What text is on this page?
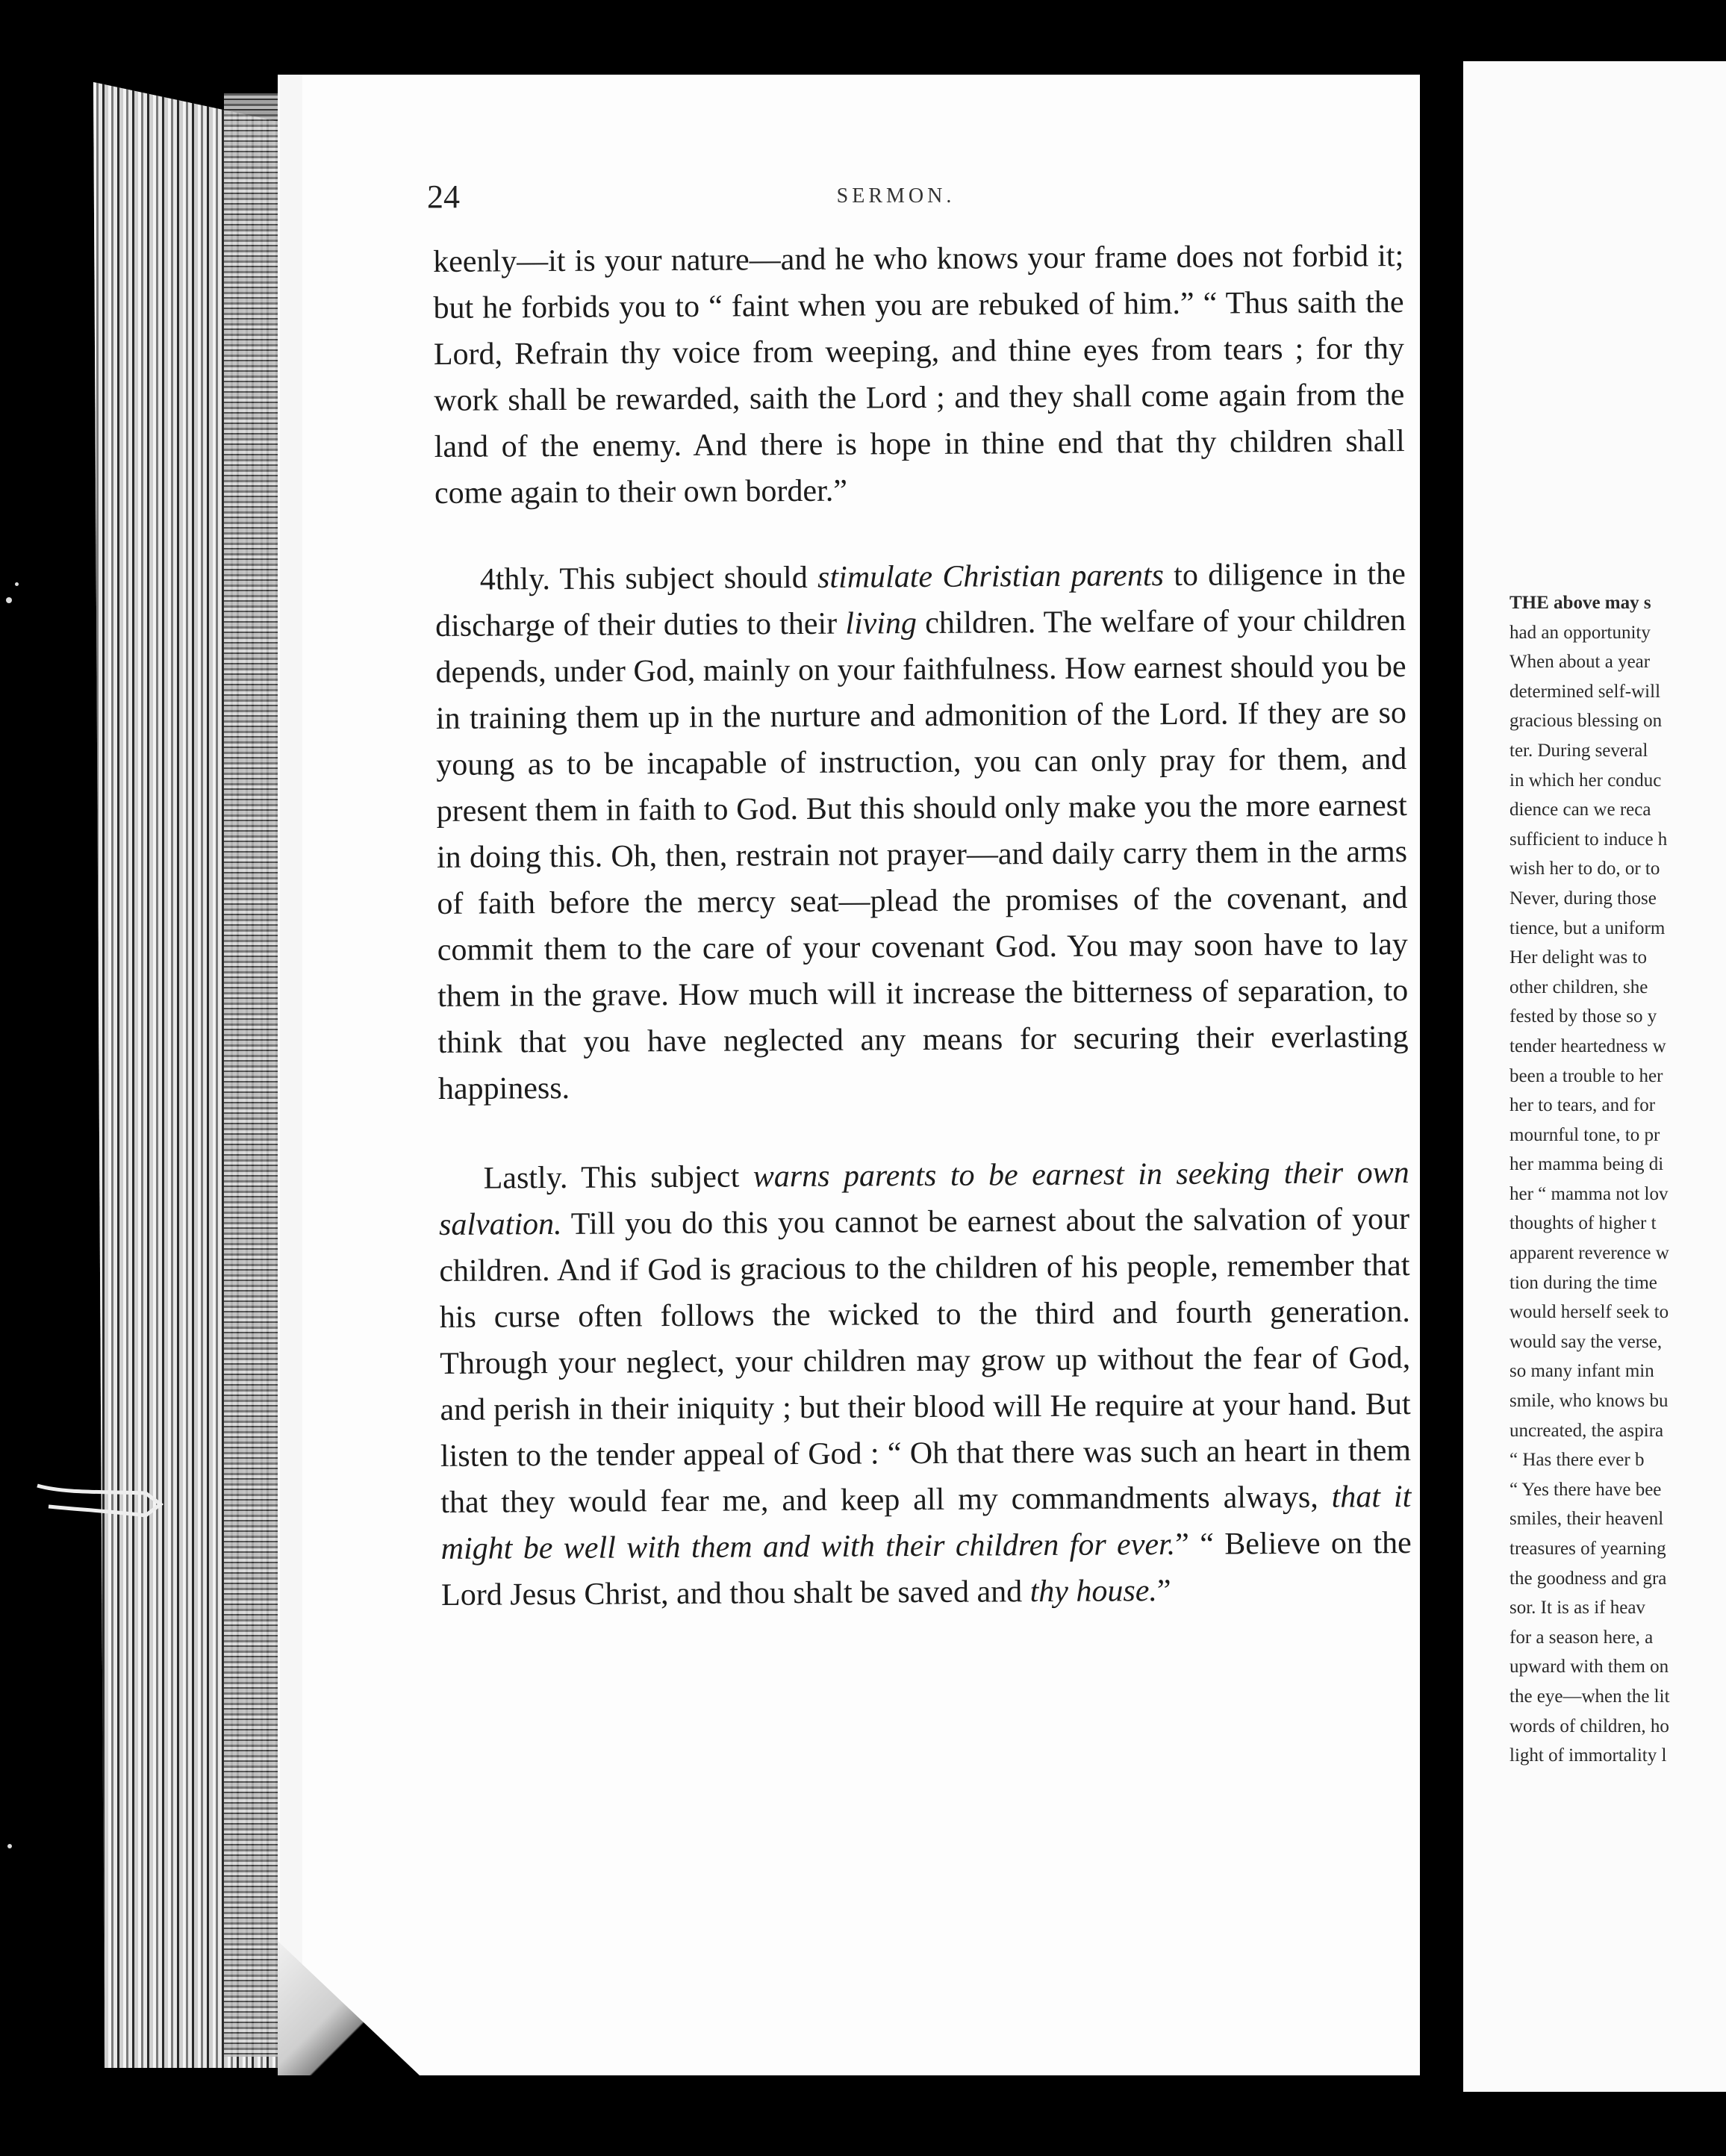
24	SERMON.

keenly—it is your nature—and he who knows your frame does not forbid it; but he forbids you to “ faint when you are rebuked of him.” “ Thus saith the Lord, Refrain thy voice from weeping, and thine eyes from tears ; for thy work shall be rewarded, saith the Lord ; and they shall come again from the land of the enemy. And there is hope in thine end that thy children shall come again to their own border.”

4thly. This subject should stimulate Christian parents to diligence in the discharge of their duties to their living children. The welfare of your children depends, under God, mainly on your faithfulness. How earnest should you be in training them up in the nurture and admonition of the Lord. If they are so young as to be incapable of instruction, you can only pray for them, and present them in faith to God. But this should only make you the more earnest in doing this. Oh, then, restrain not prayer—and daily carry them in the arms of faith before the mercy seat—plead the promises of the covenant, and commit them to the care of your covenant God. You may soon have to lay them in the grave. How much will it increase the bitterness of separation, to think that you have neglected any means for securing their everlasting happiness.

Lastly. This subject warns parents to be earnest in seeking their own salvation. Till you do this you cannot be earnest about the salvation of your children. And if God is gracious to the children of his people, remember that his curse often follows the wicked to the third and fourth generation. Through your neglect, your children may grow up without the fear of God, and perish in their iniquity ; but their blood will He require at your hand. But listen to the tender appeal of God : “ Oh that there was such an heart in them that they would fear me, and keep all my commandments always, that it might be well with them and with their children for ever.” “ Believe on the Lord Jesus Christ, and thou shalt be saved and thy house.”

THE above may s
had an opportunity
When about a year
determined self-will
gracious blessing on
ter. During several
in which her conduc
dience can we reca
sufficient to induce h
wish her to do, or to
Never, during those
tience, but a uniform
Her delight was to
other children, she
fested by those so y
tender heartedness w
been a trouble to her
her to tears, and for
mournful tone, to pr
her mamma being di
her “ mamma not lov
thoughts of higher t
apparent reverence w
tion during the time
would herself seek to
would say the verse,
so many infant min
smile, who knows bu
uncreated, the aspira
“ Has there ever b
“ Yes there have bee
smiles, their heavenl
treasures of yearning
the goodness and gra
sor. It is as if heav
for a season here, a
upward with them on
the eye—when the lit
words of children, ho
light of immortality l
